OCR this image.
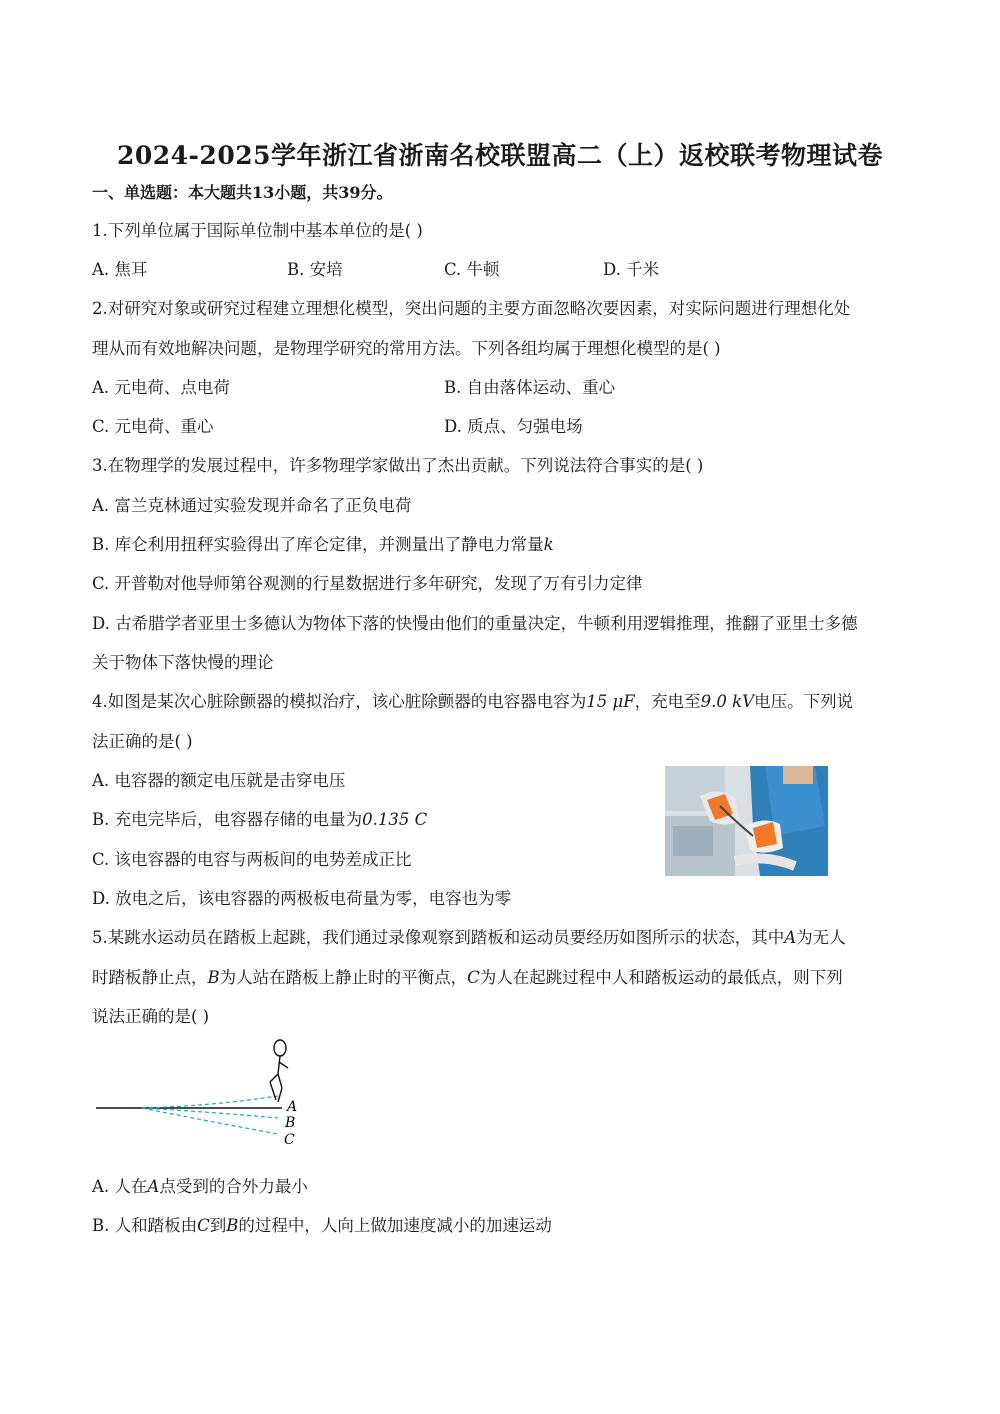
2024-2025学年浙江省浙南名校联盟高二（上）返校联考物理试卷
一、单选题：本大题共13小题，共39分。
1.下列单位属于国际单位制中基本单位的是( )
A. 焦耳	B. 安培	C. 牛顿	D. 千米
2.对研究对象或研究过程建立理想化模型，突出问题的主要方面忽略次要因素，对实际问题进行理想化处
理从而有效地解决问题，是物理学研究的常用方法。下列各组均属于理想化模型的是( )
A. 元电荷、点电荷	B. 自由落体运动、重心
C. 元电荷、重心	D. 质点、匀强电场
3.在物理学的发展过程中，许多物理学家做出了杰出贡献。下列说法符合事实的是( )
A. 富兰克林通过实验发现并命名了正负电荷
B. 库仑利用扭秤实验得出了库仑定律，并测量出了静电力常量k
C. 开普勒对他导师第谷观测的行星数据进行多年研究，发现了万有引力定律
D. 古希腊学者亚里士多德认为物体下落的快慢由他们的重量决定，牛顿利用逻辑推理，推翻了亚里士多德
关于物体下落快慢的理论
4.如图是某次心脏除颤器的模拟治疗，该心脏除颤器的电容器电容为15 μF，充电至9.0 kV电压。下列说
法正确的是( )
A. 电容器的额定电压就是击穿电压
B. 充电完毕后，电容器存储的电量为0.135 C
C. 该电容器的电容与两板间的电势差成正比
D. 放电之后，该电容器的两极板电荷量为零，电容也为零
5.某跳水运动员在踏板上起跳，我们通过录像观察到踏板和运动员要经历如图所示的状态，其中A为无人
时踏板静止点，B为人站在踏板上静止时的平衡点，C为人在起跳过程中人和踏板运动的最低点，则下列
说法正确的是( )
A
B
C
A. 人在A点受到的合外力最小
B. 人和踏板由C到B的过程中，人向上做加速度减小的加速运动
